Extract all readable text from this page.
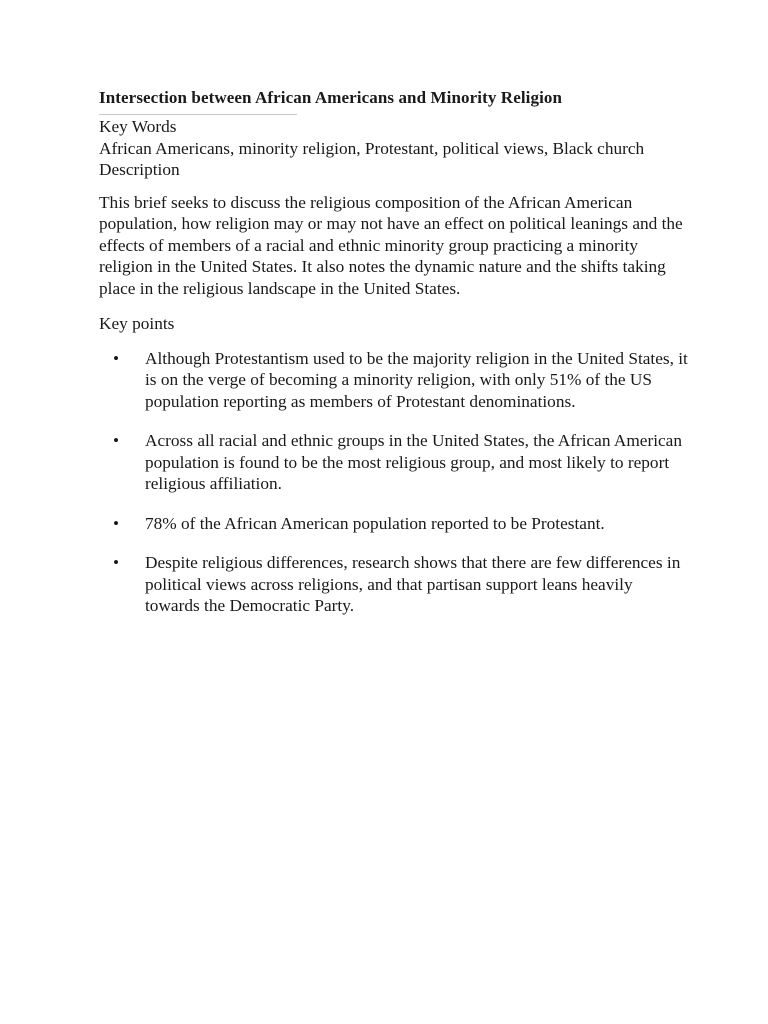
Intersection between African Americans and Minority Religion

Key Words

African Americans, minority religion, Protestant, political views, Black church Description

This brief seeks to discuss the religious composition of the African American population, how religion may or may not have an effect on political leanings and the effects of members of a racial and ethnic minority group practicing a minority religion in the United States. It also notes the dynamic nature and the shifts taking place in the religious landscape in the United States.

Key points

•	Although Protestantism used to be the majority religion in the United States, it is on the verge of becoming a minority religion, with only 51% of the US population reporting as members of Protestant denominations.
•	Across all racial and ethnic groups in the United States, the African American population is found to be the most religious group, and most likely to report religious affiliation.
•	78% of the African American population reported to be Protestant.
•	Despite religious differences, research shows that there are few differences in political views across religions, and that partisan support leans heavily towards the Democratic Party.
